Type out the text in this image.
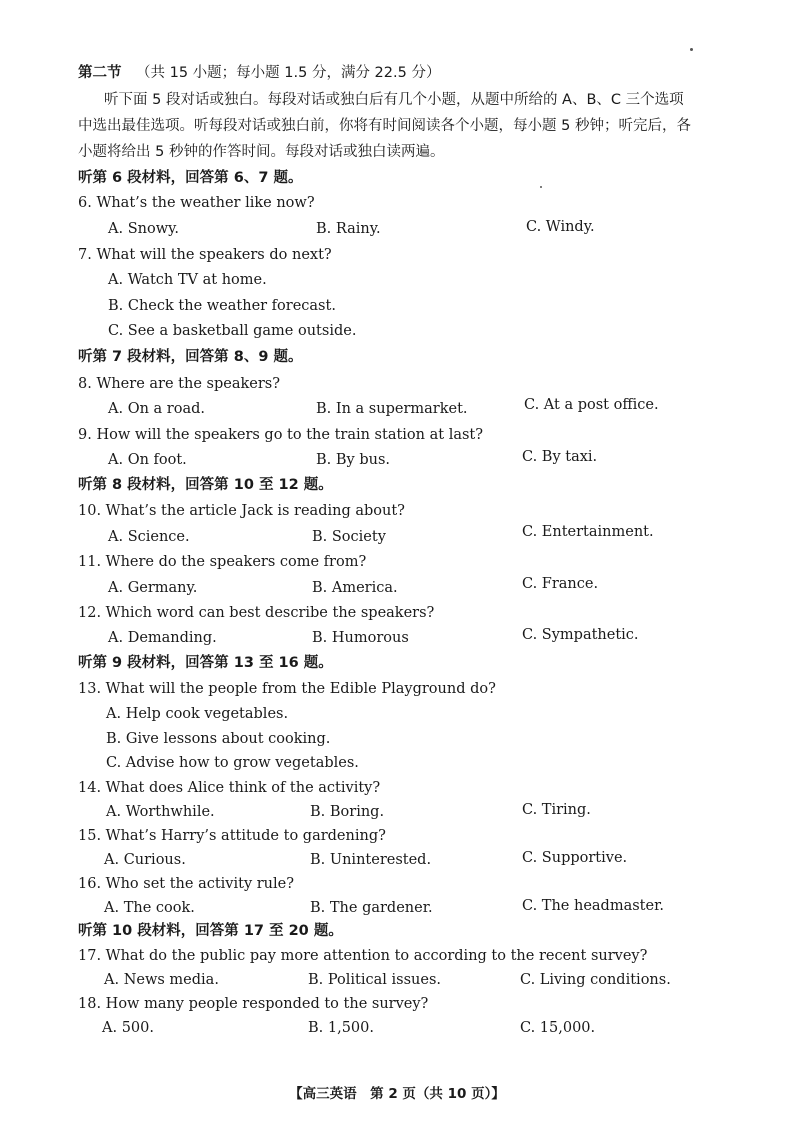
第二节 （共 15 小题；每小题 1.5 分，满分 22.5 分）
听下面 5 段对话或独白。每段对话或独白后有几个小题，从题中所给的 A、B、C 三个选项
中选出最佳选项。听每段对话或独白前，你将有时间阅读各个小题，每小题 5 秒钟；听完后，各
小题将给出 5 秒钟的作答时间。每段对话或独白读两遍。
听第 6 段材料，回答第 6、7 题。
6. What’s the weather like now?
A. Snowy.	B. Rainy.	C. Windy.
7. What will the speakers do next?
A. Watch TV at home.
B. Check the weather forecast.
C. See a basketball game outside.
听第 7 段材料，回答第 8、9 题。
8. Where are the speakers?
A. On a road.	B. In a supermarket.	C. At a post office.
9. How will the speakers go to the train station at last?
A. On foot.	B. By bus.	C. By taxi.
听第 8 段材料，回答第 10 至 12 题。
10. What’s the article Jack is reading about?
A. Science.	B. Society	C. Entertainment.
11. Where do the speakers come from?
A. Germany.	B. America.	C. France.
12. Which word can best describe the speakers?
A. Demanding.	B. Humorous	C. Sympathetic.
听第 9 段材料，回答第 13 至 16 题。
13. What will the people from the Edible Playground do?
A. Help cook vegetables.
B. Give lessons about cooking.
C. Advise how to grow vegetables.
14. What does Alice think of the activity?
A. Worthwhile.	B. Boring.	C. Tiring.
15. What’s Harry’s attitude to gardening?
A. Curious.	B. Uninterested.	C. Supportive.
16. Who set the activity rule?
A. The cook.	B. The gardener.	C. The headmaster.
听第 10 段材料，回答第 17 至 20 题。
17. What do the public pay more attention to according to the recent survey?
A. News media.	B. Political issues.	C. Living conditions.
18. How many people responded to the survey?
A. 500.	B. 1,500.	C. 15,000.
【高三英语　第 2 页（共 10 页）】
